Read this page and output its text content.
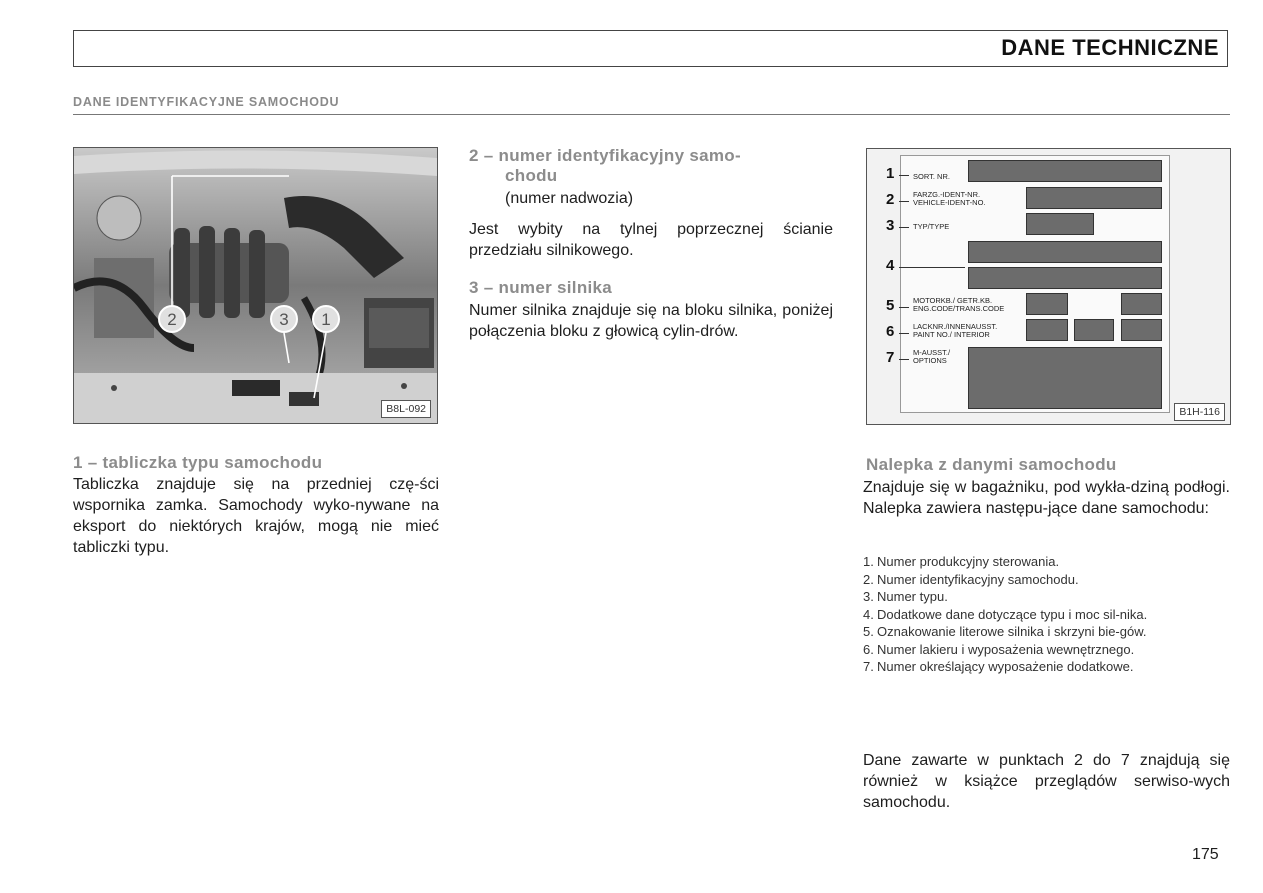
DANE TECHNICZNE
DANE IDENTYFIKACYJNE SAMOCHODU
2	3 1
B8L-092
1 – tabliczka typu samochodu

Tabliczka znajduje się na przedniej czę-ści wspornika zamka. Samochody wyko-nywane na eksport do niektórych krajów, mogą nie mieć tabliczki typu.

2 – numer identyfikacyjny samo-
chodu
(numer nadwozia)

Jest wybity na tylnej poprzecznej ścianie przedziału silnikowego.

3 – numer silnika

Numer silnika znajduje się na bloku silnika, poniżej połączenia bloku z głowicą cylin-drów.

1
2
3
4
5
6
7
SORT. NR.
FARZG.-IDENT-NR.
VEHICLE-IDENT-NO.
TYP/TYPE
MOTORKB./ GETR.KB.
ENG.CODE/TRANS.CODE
LACKNR./INNENAUSST.
PAINT NO./ INTERIOR
M-AUSST./
OPTIONS
B1H-116
Nalepka z danymi samochodu

Znajduje się w bagażniku, pod wykła-dziną podłogi. Nalepka zawiera następu-jące dane samochodu:

1. Numer produkcyjny sterowania.
2. Numer identyfikacyjny samochodu.
3. Numer typu.
4. Dodatkowe dane dotyczące typu i moc sil-nika.
5. Oznakowanie literowe silnika i skrzyni bie-gów.
6. Numer lakieru i wyposażenia wewnętrznego.
7. Numer określający wyposażenie dodatkowe.

Dane zawarte w punktach 2 do 7 znajdują się również w książce przeglądów serwiso-wych samochodu.

175
